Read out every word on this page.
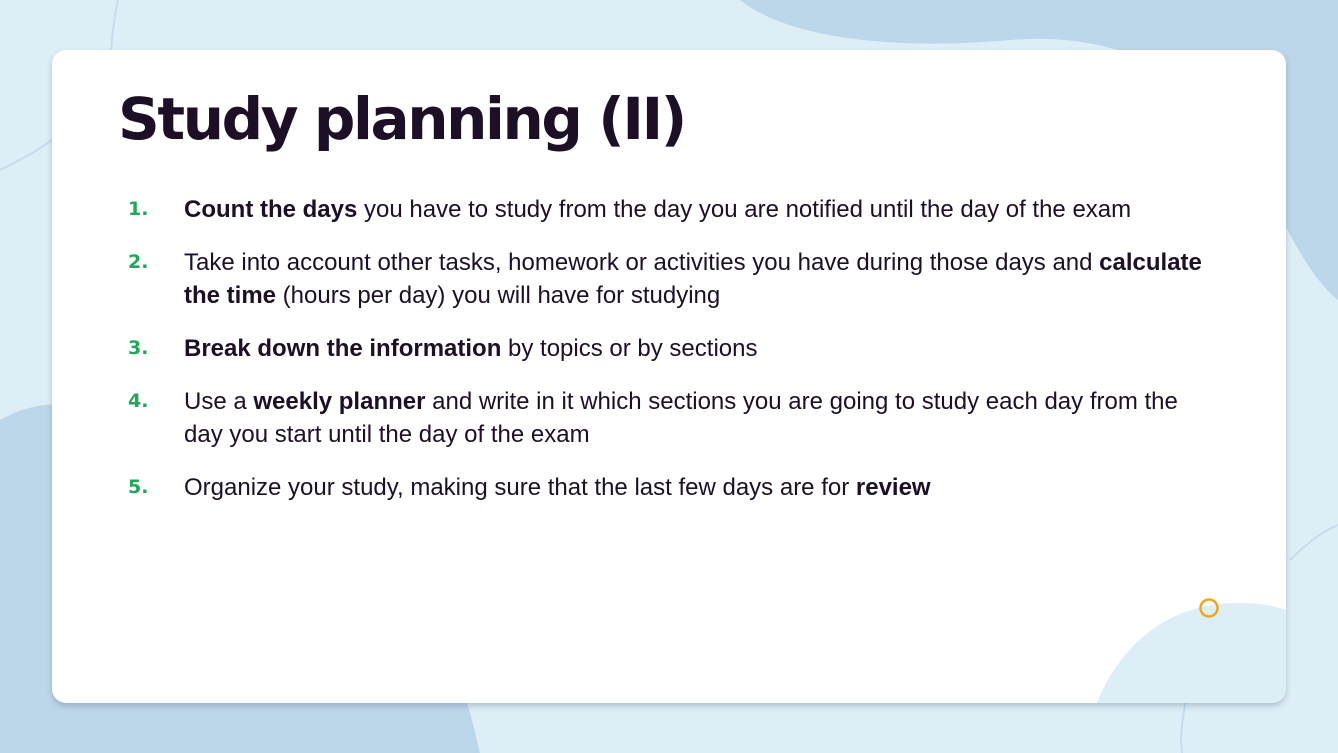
Study planning (II)
1.	Count the days you have to study from the day you are notified until the day of the exam
2.	Take into account other tasks, homework or activities you have during those days and calculate the time (hours per day) you will have for studying
3.	Break down the information by topics or by sections
4.	Use a weekly planner and write in it which sections you are going to study each day from the day you start until the day of the exam
5.	Organize your study, making sure that the last few days are for review
